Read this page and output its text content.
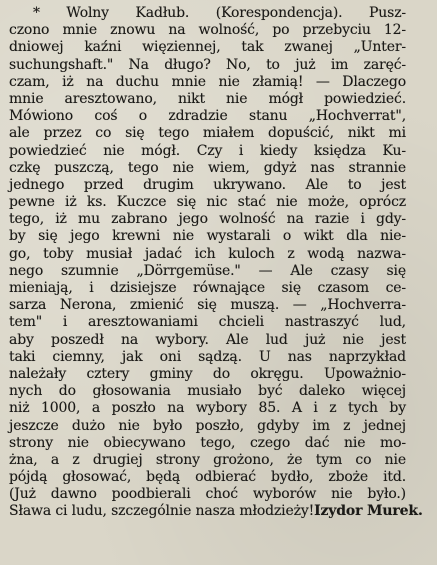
* Wolny Kadłub. (Korespondencja). Pusz-
czono mnie znowu na wolność, po przebyciu 12-
dniowej kaźni więziennej, tak zwanej „Unter-
suchungshaft." Na długo? No, to już im zaręć-
czam, iż na duchu mnie nie złamią! — Dlaczego
mnie aresztowano, nikt nie mógł powiedzieć.
Mówiono coś o zdradzie stanu „Hochverrat",
ale przez co się tego miałem dopuścić, nikt mi
powiedzieć nie mógł. Czy i kiedy księdza Ku-
czkę puszczą, tego nie wiem, gdyż nas strannie
jednego przed drugim ukrywano. Ale to jest
pewne iż ks. Kuczce się nic stać nie może, oprócz
tego, iż mu zabrano jego wolność na razie i gdy-
by się jego krewni nie wystarali o wikt dla nie-
go, toby musiał jadać ich kuloch z wodą nazwa-
nego szumnie „Dörrgemüse." — Ale czasy się
mieniają, i dzisiejsze równające się czasom ce-
sarza Nerona, zmienić się muszą. — „Hochverra-
tem" i aresztowaniami chcieli nastraszyć lud,
aby poszedł na wybory. Ale lud już nie jest
taki ciemny, jak oni sądzą. U nas naprzykład
należały cztery gminy do okręgu. Upoważnio-
nych do głosowania musiało być daleko więcej
niż 1000, a poszło na wybory 85. A i z tych by
jeszcze dużo nie było poszło, gdyby im z jednej
strony nie obiecywano tego, czego dać nie mo-
żna, a z drugiej strony grożono, że tym co nie
pójdą głosować, będą odbierać bydło, zboże itd.
(Już dawno poodbierali choć wyborów nie było.)
Sława ci ludu, szczególnie nasza młodzieży! Izydor Murek.
